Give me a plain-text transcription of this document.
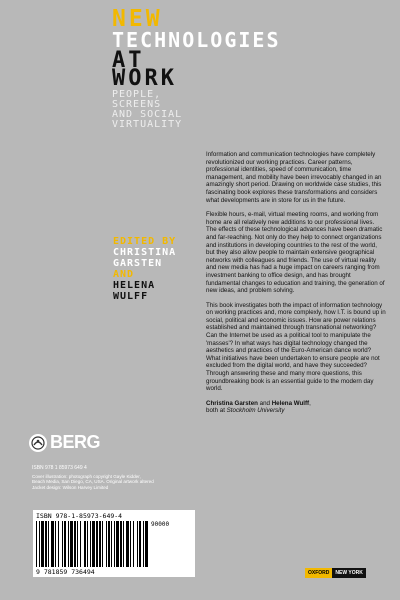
NEW
TECHNOLOGIES
AT
WORK
PEOPLE,
SCREENS
AND SOCIAL
VIRTUALITY
EDITED BY
CHRISTINA
GARSTEN
AND
HELENA
WULFF

Information and communication technologies have completely revolutionized our working practices. Career patterns, professional identities, speed of communication, time management, and mobility have been irrevocably changed in an amazingly short period. Drawing on worldwide case studies, this fascinating book explores these transformations and considers what developments are in store for us in the future.

Flexible hours, e-mail, virtual meeting rooms, and working from home are all relatively new additions to our professional lives. The effects of these technological advances have been dramatic and far-reaching. Not only do they help to connect organizations and institutions in developing countries to the rest of the world, but they also allow people to maintain extensive geographical networks with colleagues and friends. The use of virtual reality and new media has had a huge impact on careers ranging from investment banking to office design, and has brought fundamental changes to education and training, the generation of new ideas, and problem solving.

This book investigates both the impact of information technology on working practices and, more complexly, how I.T. is bound up in social, political and economic issues. How are power relations established and maintained through transnational networking? Can the Internet be used as a political tool to manipulate the 'masses'? In what ways has digital technology changed the aesthetics and practices of the Euro-American dance world? What initiatives have been undertaken to ensure people are not excluded from the digital world, and have they succeeded? Through answering these and many more questions, this groundbreaking book is an essential guide to the modern day world.

Christina Garsten and Helena Wulff,

both at Stockholm University

BERG
ISBN 978 1 85973 649 4
Cover illustration: photograph copyright Gayle Kidder,
Beach Media, San Diego, CA, USA. Original artwork altered
Jacket design: Wilson Harvey Limited
ISBN 978-1-85973-649-4
90000
9 781859 736494	OXFORD	NEW YORK
